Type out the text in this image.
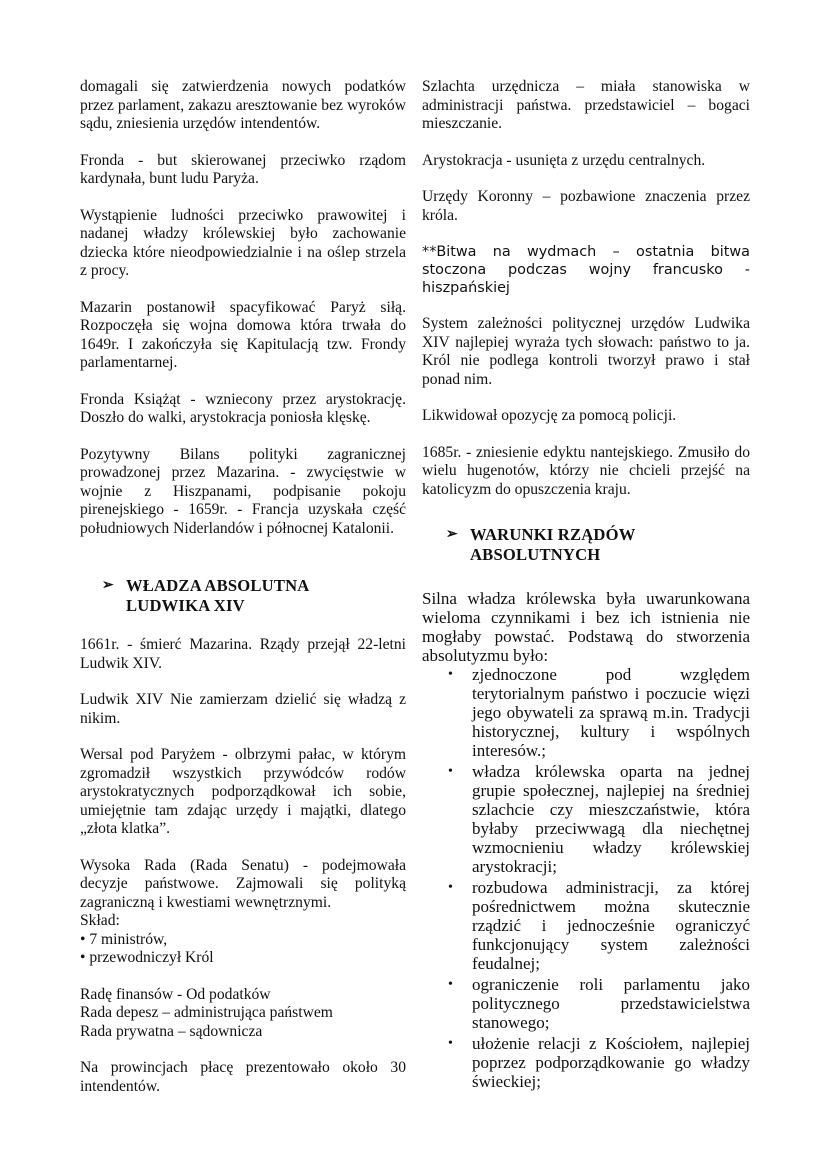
domagali się zatwierdzenia nowych podatków przez parlament, zakazu aresztowanie bez wyroków sądu, zniesienia urzędów intendentów.

Fronda - but skierowanej przeciwko rządom kardynała, bunt ludu Paryża.

Wystąpienie ludności przeciwko prawowitej i nadanej władzy królewskiej było zachowanie dziecka które nieodpowiedzialnie i na oślep strzela z procy.

Mazarin postanowił spacyfikować Paryż siłą. Rozpoczęła się wojna domowa która trwała do 1649r. I zakończyła się Kapitulacją tzw. Frondy parlamentarnej.

Fronda Książąt - wzniecony przez arystokrację. Doszło do walki, arystokracja poniosła klęskę.

Pozytywny Bilans polityki zagranicznej prowadzonej przez Mazarina. - zwycięstwie w wojnie z Hiszpanami, podpisanie pokoju pirenejskiego - 1659r. - Francja uzyskała część południowych Niderlandów i północnej Katalonii.

➢ WŁADZA ABSOLUTNA
LUDWIKA XIV

1661r. - śmierć Mazarina. Rządy przejął 22-letni Ludwik XIV.

Ludwik XIV Nie zamierzam dzielić się władzą z nikim.

Wersal pod Paryżem - olbrzymi pałac, w którym zgromadził wszystkich przywódców rodów arystokratycznych podporządkował ich sobie, umiejętnie tam zdając urzędy i majątki, dlatego „złota klatka”.

Wysoka Rada (Rada Senatu) - podejmowała decyzje państwowe. Zajmowali się polityką zagraniczną i kwestiami wewnętrznymi.

Skład:
• 7 ministrów,
• przewodniczył Król
Radę finansów - Od podatków
Rada depesz – administrująca państwem
Rada prywatna – sądownicza

Na prowincjach płacę prezentowało około 30 intendentów.

Szlachta urzędnicza – miała stanowiska w administracji państwa. przedstawiciel – bogaci mieszczanie.

Arystokracja - usunięta z urzędu centralnych.

Urzędy Koronny – pozbawione znaczenia przez króla.

**Bitwa na wydmach – ostatnia bitwa stoczona podczas wojny francusko - hiszpańskiej

System zależności politycznej urzędów Ludwika XIV najlepiej wyraża tych słowach: państwo to ja. Król nie podlega kontroli tworzył prawo i stał ponad nim.

Likwidował opozycję za pomocą policji.

1685r. - zniesienie edyktu nantejskiego. Zmusiło do wielu hugenotów, którzy nie chcieli przejść na katolicyzm do opuszczenia kraju.

➢ WARUNKI RZĄDÓW
ABSOLUTNYCH

Silna władza królewska była uwarunkowana wieloma czynnikami i bez ich istnienia nie mogłaby powstać. Podstawą do stworzenia absolutyzmu było:

• zjednoczone pod względem terytorialnym państwo i poczucie więzi jego obywateli za sprawą m.in. Tradycji historycznej, kultury i wspólnych interesów.;
• władza królewska oparta na jednej grupie społecznej, najlepiej na średniej szlachcie czy mieszczaństwie, która byłaby przeciwwagą dla niechętnej wzmocnieniu władzy królewskiej arystokracji;
• rozbudowa administracji, za której pośrednictwem można skutecznie rządzić i jednocześnie ograniczyć funkcjonujący system zależności feudalnej;
• ograniczenie roli parlamentu jako politycznego przedstawicielstwa stanowego;
• ułożenie relacji z Kościołem, najlepiej poprzez podporządkowanie go władzy świeckiej;
